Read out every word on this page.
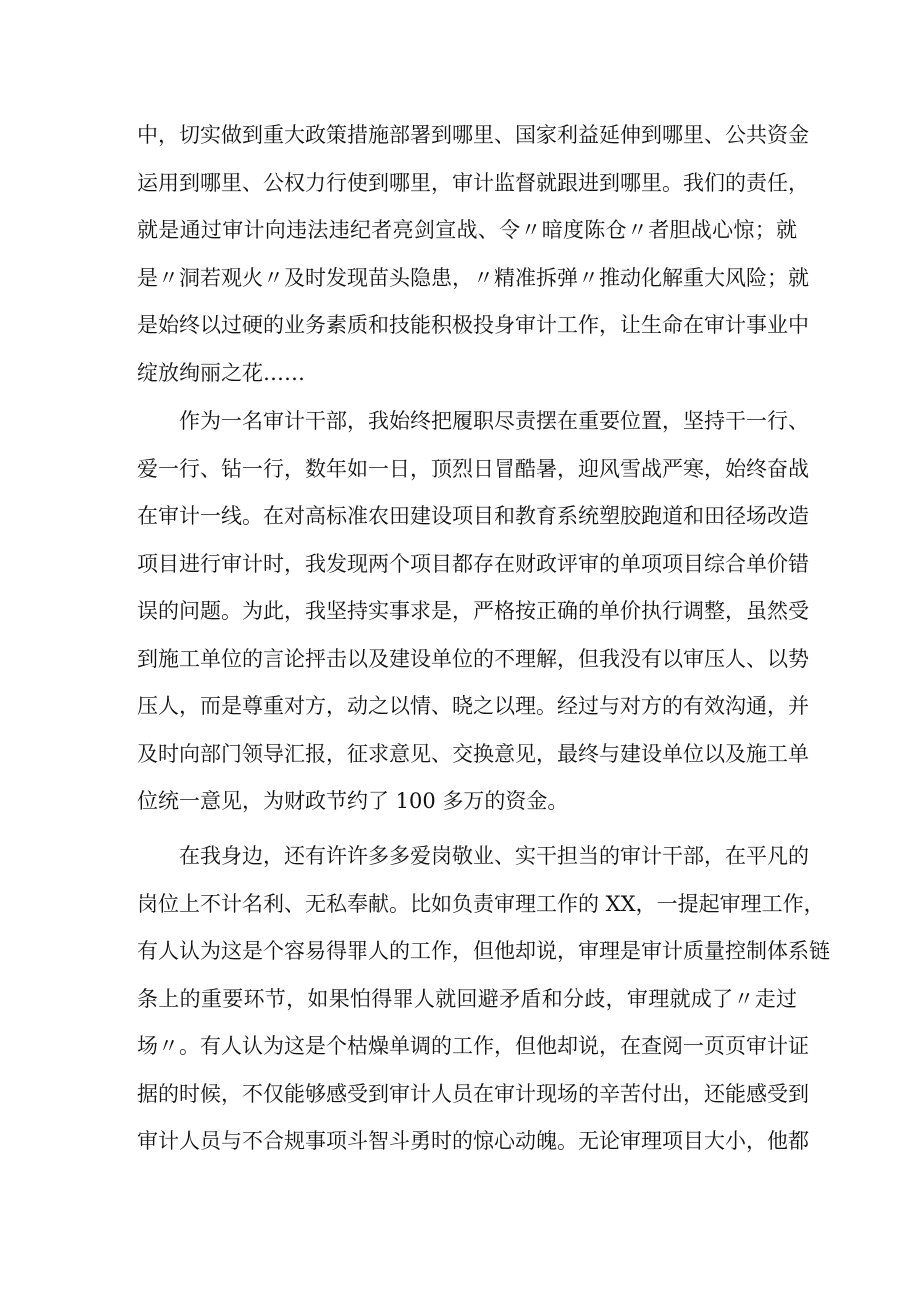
中，切实做到重大政策措施部署到哪里、国家利益延伸到哪里、公共资金
运用到哪里、公权力行使到哪里，审计监督就跟进到哪里。我们的责任，
就是通过审计向违法违纪者亮剑宣战、令〃暗度陈仓〃者胆战心惊；就
是〃洞若观火〃及时发现苗头隐患，〃精准拆弹〃推动化解重大风险；就
是始终以过硬的业务素质和技能积极投身审计工作，让生命在审计事业中
绽放绚丽之花……
　　作为一名审计干部，我始终把履职尽责摆在重要位置，坚持干一行、
爱一行、钻一行，数年如一日，顶烈日冒酷暑，迎风雪战严寒，始终奋战
在审计一线。在对高标准农田建设项目和教育系统塑胶跑道和田径场改造
项目进行审计时，我发现两个项目都存在财政评审的单项项目综合单价错
误的问题。为此，我坚持实事求是，严格按正确的单价执行调整，虽然受
到施工单位的言论抨击以及建设单位的不理解，但我没有以审压人、以势
压人，而是尊重对方，动之以情、晓之以理。经过与对方的有效沟通，并
及时向部门领导汇报，征求意见、交换意见，最终与建设单位以及施工单
位统一意见，为财政节约了 100 多万的资金。
　　在我身边，还有许许多多爱岗敬业、实干担当的审计干部，在平凡的
岗位上不计名利、无私奉献。比如负责审理工作的 XX，一提起审理工作，
有人认为这是个容易得罪人的工作，但他却说，审理是审计质量控制体系链
条上的重要环节，如果怕得罪人就回避矛盾和分歧，审理就成了〃走过
场〃。有人认为这是个枯燥单调的工作，但他却说，在查阅一页页审计证
据的时候，不仅能够感受到审计人员在审计现场的辛苦付出，还能感受到
审计人员与不合规事项斗智斗勇时的惊心动魄。无论审理项目大小，他都
